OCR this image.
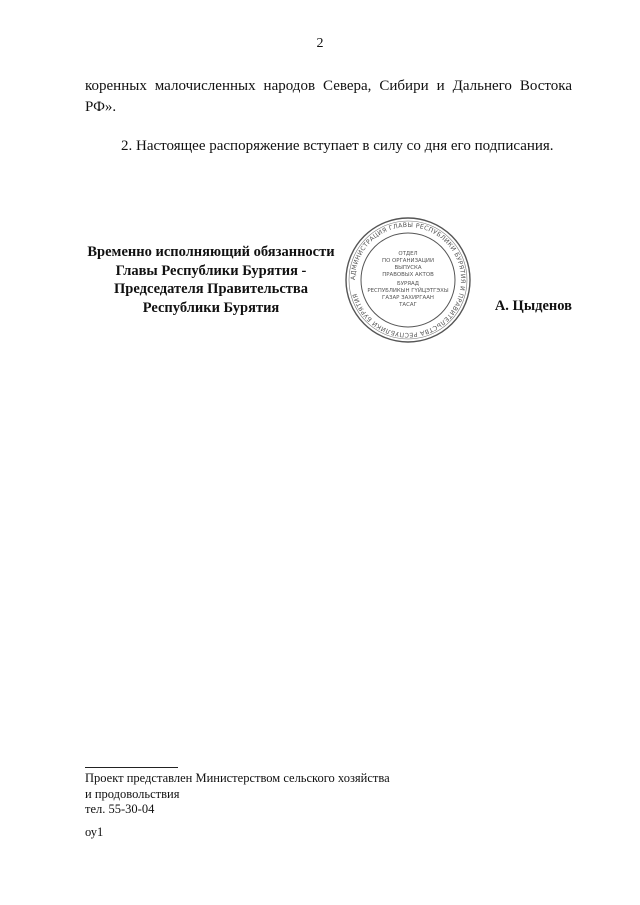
2
коренных малочисленных народов Севера, Сибири и Дальнего Востока РФ».
2. Настоящее распоряжение вступает в силу со дня его подписания.
Временно исполняющий обязанности
Главы Республики Бурятия -
Председателя Правительства
Республики Бурятия
АДМИНИСТРАЦИЯ ГЛАВЫ РЕСПУБЛИКИ БУРЯТИЯ И ПРАВИТЕЛЬСТВА РЕСПУБЛИКИ БУРЯТИЯ
ОТДЕЛ
ПО ОРГАНИЗАЦИИ
ВЫПУСКА
ПРАВОВЫХ АКТОВ
БУРЯАД
РЕСПУБЛИКЫН ГҮЙЦЭТГЭХЫ
ГАЗАР ЗАХИРГААН
ТАСАГ	А. Цыденов
Проект представлен Министерством сельского хозяйства
и продовольствия
тел. 55-30-04
оу1
